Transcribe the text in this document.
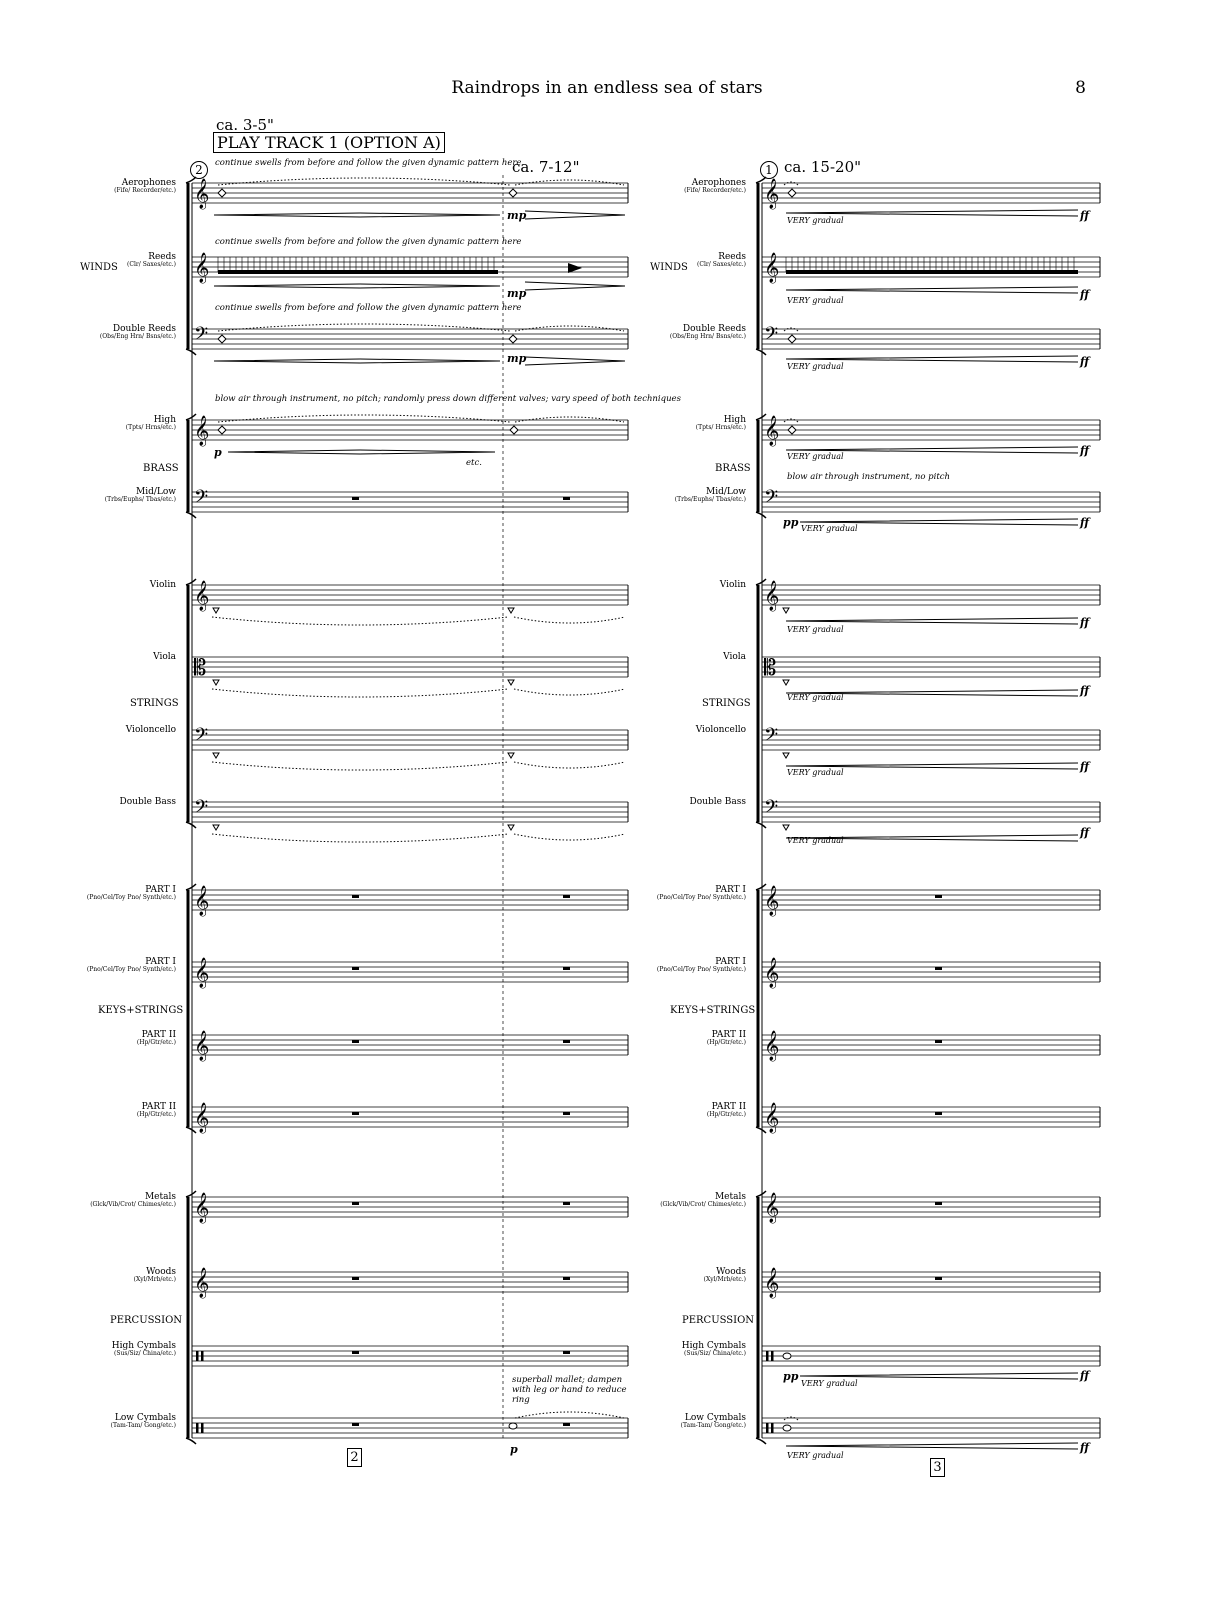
Raindrops in an endless sea of stars	8
ca. 3-5"
PLAY TRACK 1 (OPTION A)
2	ca. 7-12"	1 ca. 15-20"
continue swells from before and follow the given dynamic pattern here
continue swells from before and follow the given dynamic pattern here
continue swells from before and follow the given dynamic pattern here
blow air through instrument, no pitch; randomly press down different valves; vary speed of both techniques
etc.
superball mallet; dampen with leg or hand to reduce ring
blow air through instrument, no pitch
2
3
mp
mp
mp
p
p
ff
VERY gradual
ff
VERY gradual
ff
VERY gradual
ff
VERY gradual
pp VERY gradual	ff
VERY gradual
ff
VERY gradual
ff
VERY gradual	ff
VERY gradual
ff
pp
VERY gradual
ff
VERY gradual
ff
WINDS	WINDS
BRASS	BRASS
STRINGS	STRINGS
KEYS+STRINGS	KEYS+STRINGS
PERCUSSION	PERCUSSION
Aerophones
(Fife/ Recorder/etc.)
Reeds
(Clr/ Saxes/etc.)
Double Reeds
(Obs/Eng Hrn/ Bsns/etc.)
High
(Tpts/ Hrns/etc.)
Mid/Low
(Trbs/Euphs/ Tbas/etc.)
Violin
Viola
Violoncello
Double Bass
PART I
(Pno/Cel/Toy Pno/ Synth/etc.)
PART I
(Pno/Cel/Toy Pno/ Synth/etc.)
PART II
(Hp/Gtr/etc.)
PART II
(Hp/Gtr/etc.)
Metals
(Glck/Vib/Crot/ Chimes/etc.)
Woods
(Xyl/Mrb/etc.)
High Cymbals
(Sus/Siz/ China/etc.)
Low Cymbals
(Tam-Tam/ Gong/etc.)
Aerophones
(Fife/ Recorder/etc.)
Reeds
(Clr/ Saxes/etc.)
Double Reeds
(Obs/Eng Hrn/ Bsns/etc.)
High
(Tpts/ Hrns/etc.)
Mid/Low
(Trbs/Euphs/ Tbas/etc.)
Violin
Viola
Violoncello
Double Bass
PART I
(Pno/Cel/Toy Pno/ Synth/etc.)
PART I
(Pno/Cel/Toy Pno/ Synth/etc.)
PART II
(Hp/Gtr/etc.)
PART II
(Hp/Gtr/etc.)
Metals
(Glck/Vib/Crot/ Chimes/etc.)
Woods
(Xyl/Mrb/etc.)
High Cymbals
(Sus/Siz/ China/etc.)
Low Cymbals
(Tam-Tam/ Gong/etc.)
𝄞
𝄞
𝄢
𝄞
𝄢
𝄞
𝄡
𝄢
𝄢
𝄞
𝄞
𝄞
𝄞
𝄞
𝄞
𝄞
𝄞
𝄢
𝄞
𝄢
𝄞
𝄡
𝄢
𝄢
𝄞
𝄞
𝄞
𝄞
𝄞
𝄞
